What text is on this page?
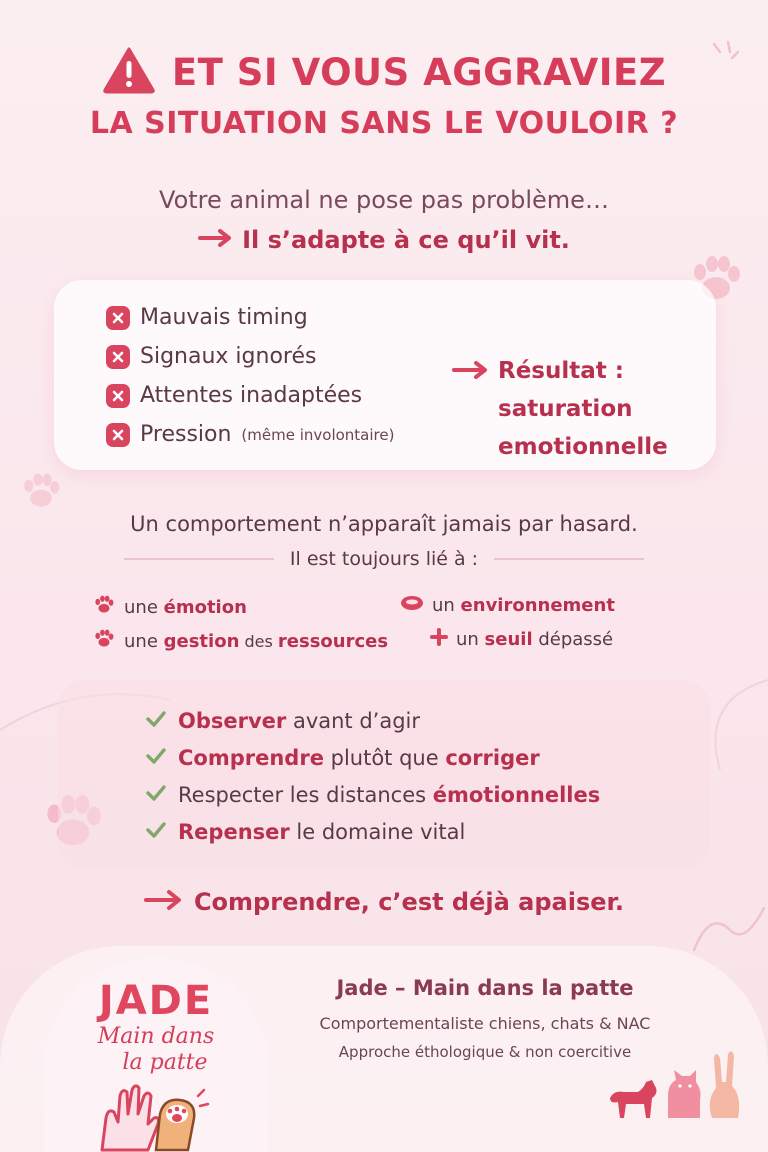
ET SI VOUS AGGRAVIEZ
LA SITUATION SANS LE VOULOIR ?
Votre animal ne pose pas problème…
Il s’adapte à ce qu’il vit.
Mauvais timing
Signaux ignorés
Attentes inadaptées
Pression (même involontaire)
Résultat :
saturation
emotionnelle
Un comportement n’apparaît jamais par hasard.
Il est toujours lié à :
une émotion	un environnement
une gestion des ressources	un seuil dépassé
Observer avant d’agir
Comprendre plutôt que corriger
Respecter les distances émotionnelles
Repenser le domaine vital
Comprendre, c’est déjà apaiser.
JADE
Main dans
la patte
Jade – Main dans la patte
Comportementaliste chiens, chats & NAC
Approche éthologique & non coercitive
